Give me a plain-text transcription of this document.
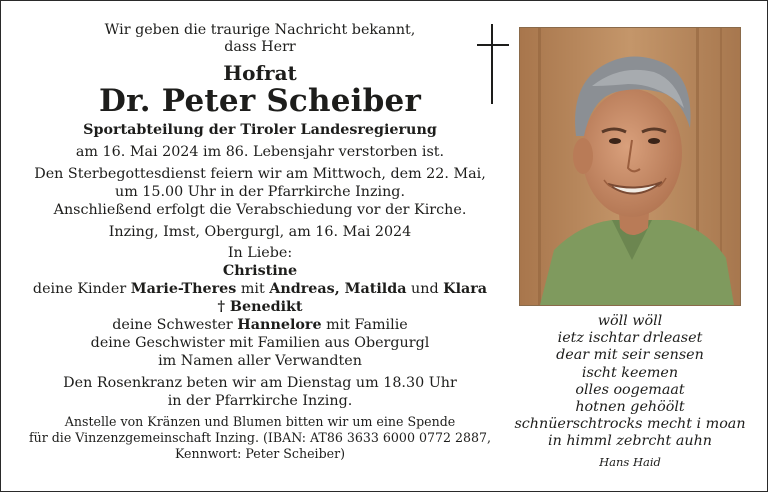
Wir geben die traurige Nachricht bekannt,
dass Herr
Hofrat
Dr. Peter Scheiber
Sportabteilung der Tiroler Landesregierung
am 16. Mai 2024 im 86. Lebensjahr verstorben ist.
Den Sterbegottesdienst feiern wir am Mittwoch, dem 22. Mai,
um 15.00 Uhr in der Pfarrkirche Inzing.
Anschließend erfolgt die Verabschiedung vor der Kirche.
Inzing, Imst, Obergurgl, am 16. Mai 2024
In Liebe:
Christine
deine Kinder Marie-Theres mit Andreas, Matilda und Klara
† Benedikt
deine Schwester Hannelore mit Familie
deine Geschwister mit Familien aus Obergurgl
im Namen aller Verwandten
Den Rosenkranz beten wir am Dienstag um 18.30 Uhr
in der Pfarrkirche Inzing.
Anstelle von Kränzen und Blumen bitten wir um eine Spende
für die Vinzenzgemeinschaft Inzing. (IBAN: AT86 3633 6000 0772 2887,
Kennwort: Peter Scheiber)
wöll wöll
ietz ischtar drleaset
dear mit seir sensen
ischt keemen
olles oogemaat
hotnen gehöölt
schnüerschtrocks mecht i moan
in himml zebrcht auhn
Hans Haid
